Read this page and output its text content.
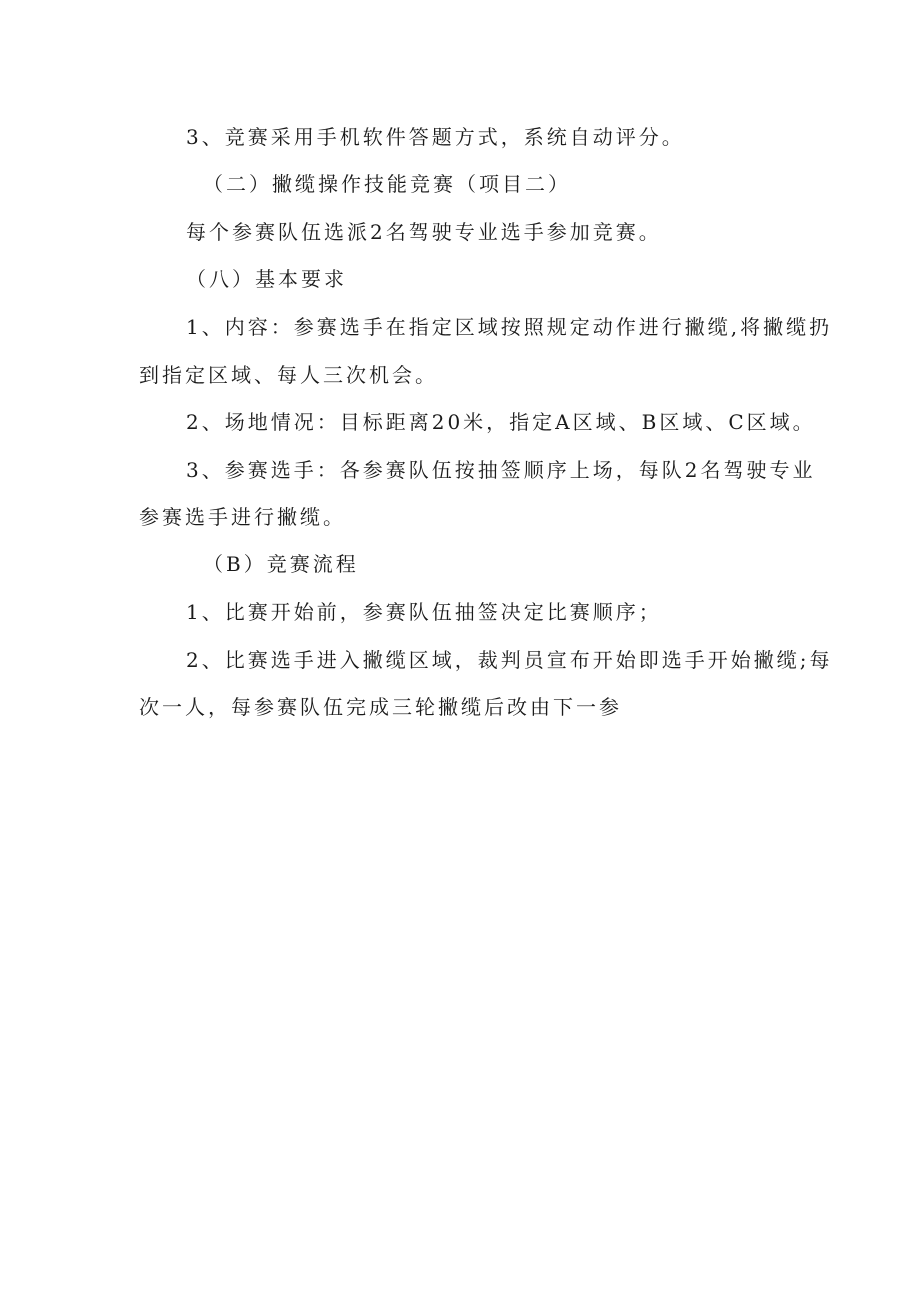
3、竞赛采用手机软件答题方式，系统自动评分。
（二）撇缆操作技能竞赛（项目二）
每个参赛队伍选派2名驾驶专业选手参加竞赛。
（八）基本要求
1、内容：参赛选手在指定区域按照规定动作进行撇缆,将撇缆扔
到指定区域、每人三次机会。
2、场地情况：目标距离20米，指定A区域、B区域、C区域。
3、参赛选手：各参赛队伍按抽签顺序上场，每队2名驾驶专业
参赛选手进行撇缆。
（B）竞赛流程
1、比赛开始前，参赛队伍抽签决定比赛顺序；
2、比赛选手进入撇缆区域，裁判员宣布开始即选手开始撇缆;每
次一人，每参赛队伍完成三轮撇缆后改由下一参
